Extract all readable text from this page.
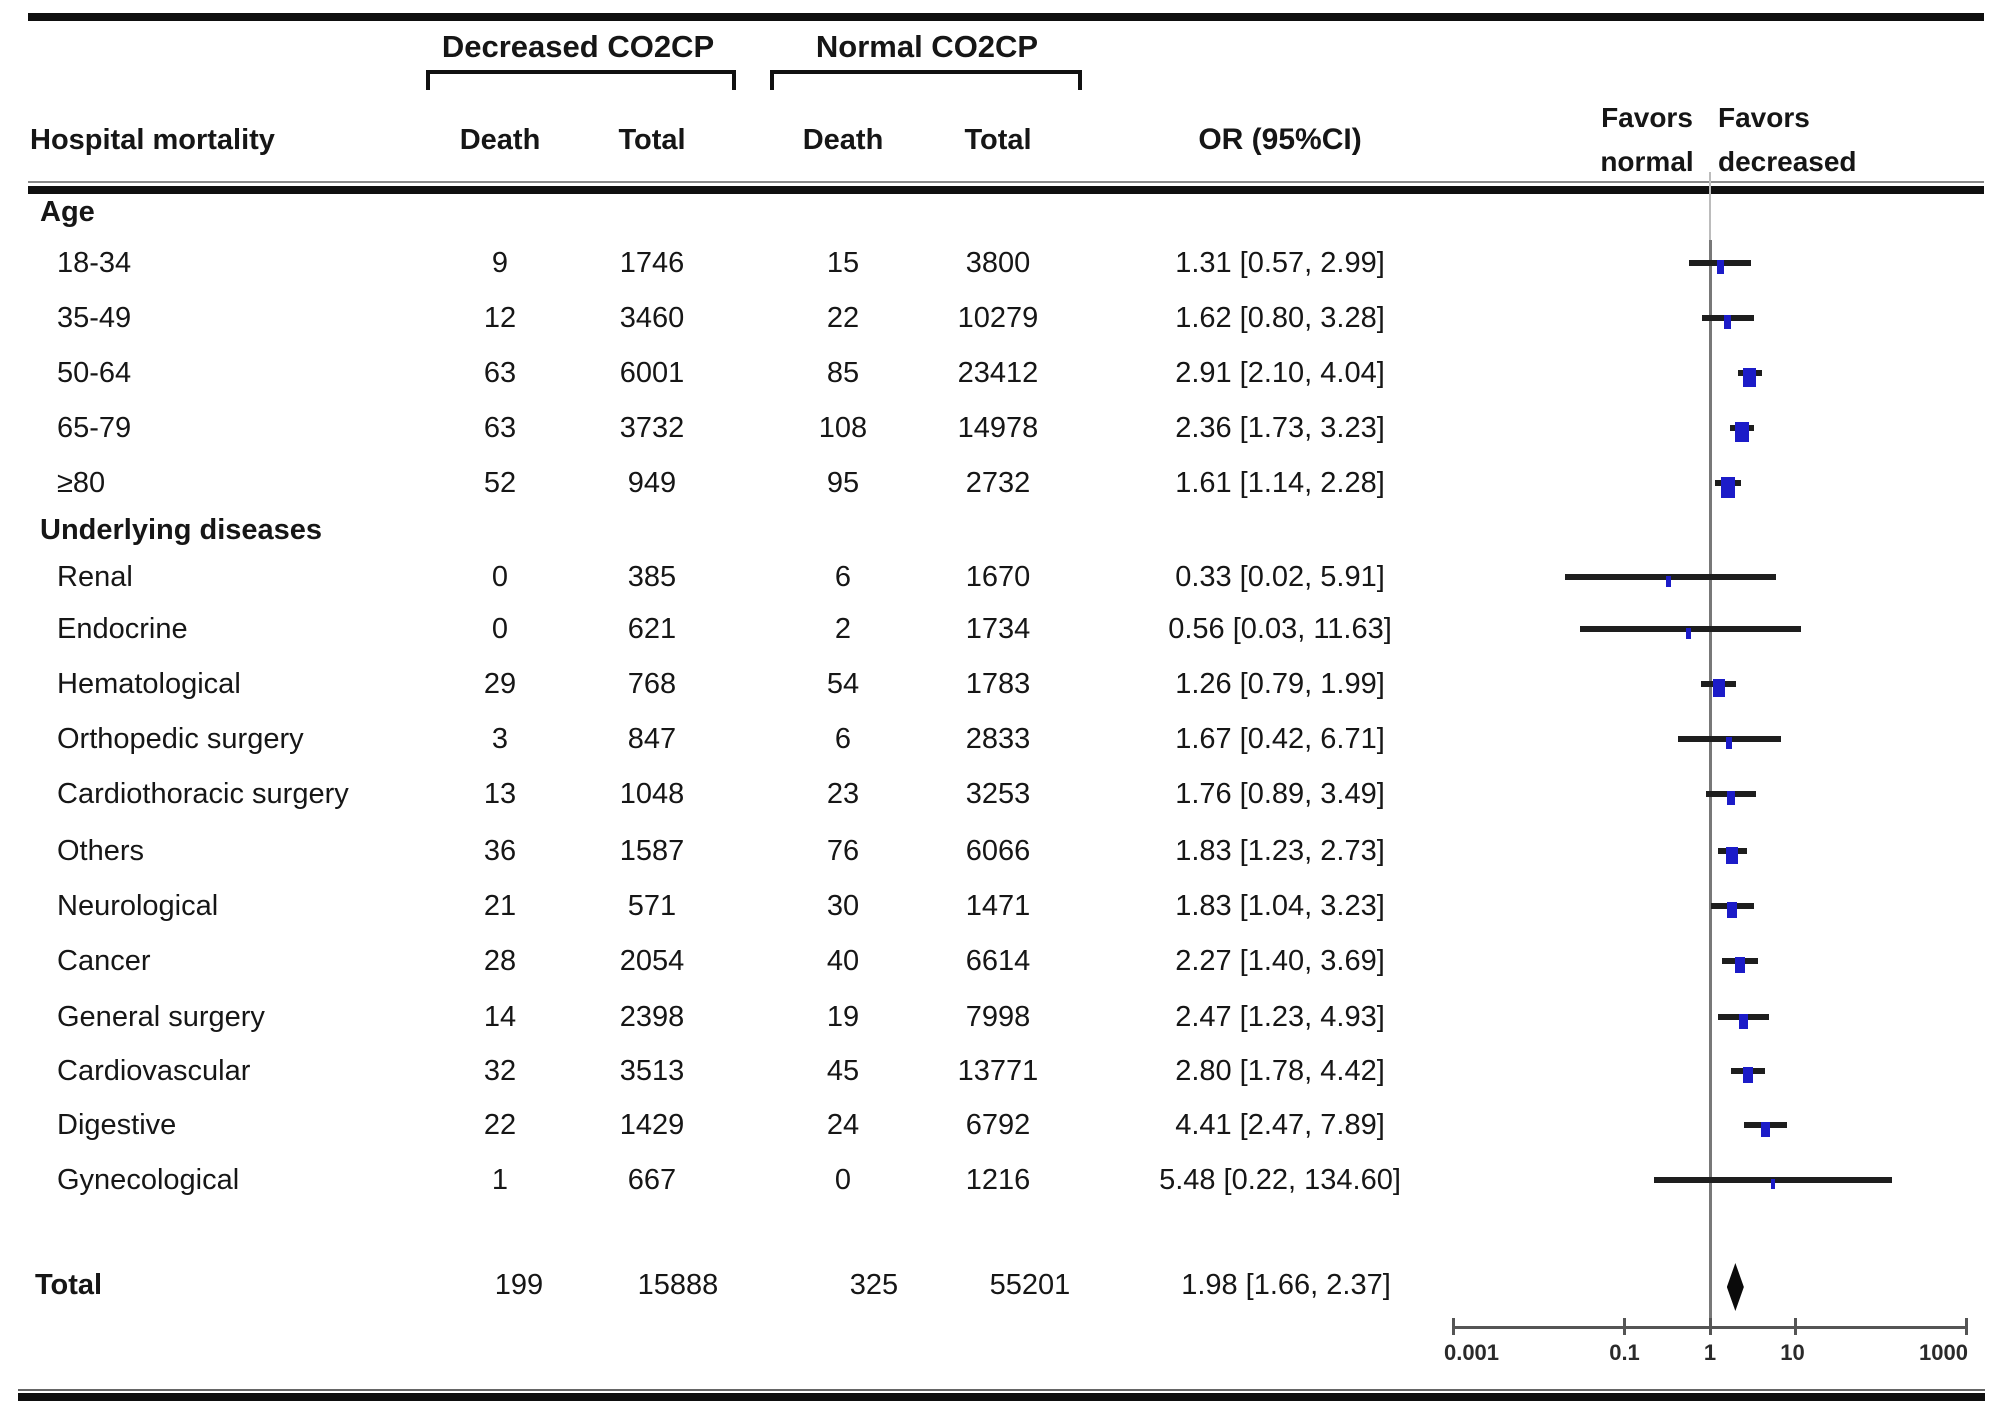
Decreased CO2CP	Normal CO2CP
Hospital mortality	Death	Total	Death	Total	OR (95%CI)
Favors
normal
Favors
decreased
Age
18-34	9	1746	15	3800	1.31 [0.57, 2.99]
35-49	12	3460	22	10279	1.62 [0.80, 3.28]
50-64	63	6001	85	23412	2.91 [2.10, 4.04]
65-79	63	3732	108	14978	2.36 [1.73, 3.23]
≥80	52	949	95	2732	1.61 [1.14, 2.28]
Underlying diseases
Renal	0	385	6	1670	0.33 [0.02, 5.91]
Endocrine	0	621	2	1734	0.56 [0.03, 11.63]
Hematological	29	768	54	1783	1.26 [0.79, 1.99]
Orthopedic surgery	3	847	6	2833	1.67 [0.42, 6.71]
Cardiothoracic surgery	13	1048	23	3253	1.76 [0.89, 3.49]
Others	36	1587	76	6066	1.83 [1.23, 2.73]
Neurological	21	571	30	1471	1.83 [1.04, 3.23]
Cancer	28	2054	40	6614	2.27 [1.40, 3.69]
General surgery	14	2398	19	7998	2.47 [1.23, 4.93]
Cardiovascular	32	3513	45	13771	2.80 [1.78, 4.42]
Digestive	22	1429	24	6792	4.41 [2.47, 7.89]
Gynecological	1	667	0	1216	5.48 [0.22, 134.60]
Total	199	15888	325	55201	1.98 [1.66, 2.37]
0.001	0.1	1	10	1000
